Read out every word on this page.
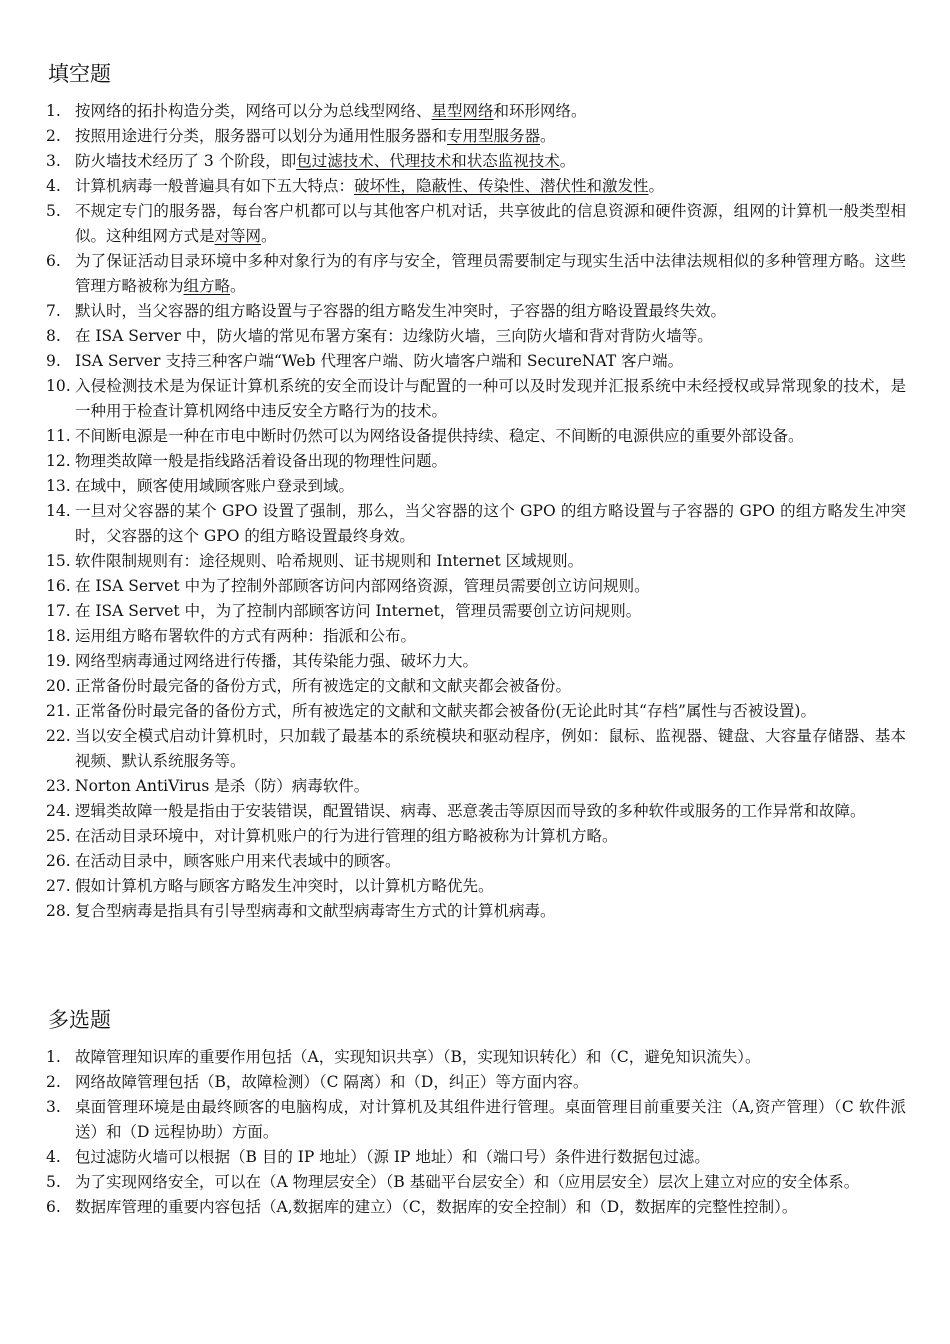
填空题
1. 按网络的拓扑构造分类，网络可以分为总线型网络、星型网络和环形网络。
2. 按照用途进行分类，服务器可以划分为通用性服务器和专用型服务器。
3. 防火墙技术经历了 3 个阶段，即包过滤技术、代理技术和状态监视技术。
4. 计算机病毒一般普遍具有如下五大特点：破坏性，隐蔽性、传染性、潜伏性和激发性。
5. 不规定专门的服务器，每台客户机都可以与其他客户机对话，共享彼此的信息资源和硬件资源，组网的计算机一般类型相似。这种组网方式是对等网。
6. 为了保证活动目录环境中多种对象行为的有序与安全，管理员需要制定与现实生活中法律法规相似的多种管理方略。这些管理方略被称为组方略。
7. 默认时，当父容器的组方略设置与子容器的组方略发生冲突时，子容器的组方略设置最终失效。
8. 在 ISA Server 中，防火墙的常见布署方案有：边缘防火墙，三向防火墙和背对背防火墙等。
9. ISA Server 支持三种客户端“Web 代理客户端、防火墙客户端和 SecureNAT 客户端。
10. 入侵检测技术是为保证计算机系统的安全而设计与配置的一种可以及时发现并汇报系统中未经授权或异常现象的技术，是一种用于检查计算机网络中违反安全方略行为的技术。
11. 不间断电源是一种在市电中断时仍然可以为网络设备提供持续、稳定、不间断的电源供应的重要外部设备。
12. 物理类故障一般是指线路活着设备出现的物理性问题。
13. 在域中，顾客使用域顾客账户登录到域。
14. 一旦对父容器的某个 GPO 设置了强制，那么，当父容器的这个 GPO 的组方略设置与子容器的 GPO 的组方略发生冲突时，父容器的这个 GPO 的组方略设置最终身效。
15. 软件限制规则有：途径规则、哈希规则、证书规则和 Internet 区域规则。
16. 在 ISA Servet 中为了控制外部顾客访问内部网络资源，管理员需要创立访问规则。
17. 在 ISA Servet 中，为了控制内部顾客访问 Internet，管理员需要创立访问规则。
18. 运用组方略布署软件的方式有两种：指派和公布。
19. 网络型病毒通过网络进行传播，其传染能力强、破坏力大。
20. 正常备份时最完备的备份方式，所有被选定的文献和文献夹都会被备份。
21. 正常备份时最完备的备份方式，所有被选定的文献和文献夹都会被备份(无论此时其“存档”属性与否被设置)。
22. 当以安全模式启动计算机时，只加载了最基本的系统模块和驱动程序，例如：鼠标、监视器、键盘、大容量存储器、基本视频、默认系统服务等。
23. Norton AntiVirus 是杀（防）病毒软件。
24. 逻辑类故障一般是指由于安装错误，配置错误、病毒、恶意袭击等原因而导致的多种软件或服务的工作异常和故障。
25. 在活动目录环境中，对计算机账户的行为进行管理的组方略被称为计算机方略。
26. 在活动目录中，顾客账户用来代表域中的顾客。
27. 假如计算机方略与顾客方略发生冲突时，以计算机方略优先。
28. 复合型病毒是指具有引导型病毒和文献型病毒寄生方式的计算机病毒。
多选题
1. 故障管理知识库的重要作用包括（A，实现知识共享）（B，实现知识转化）和（C，避免知识流失）。
2. 网络故障管理包括（B，故障检测）（C 隔离）和（D，纠正）等方面内容。
3. 桌面管理环境是由最终顾客的电脑构成，对计算机及其组件进行管理。桌面管理目前重要关注（A,资产管理）（C 软件派送）和（D 远程协助）方面。
4. 包过滤防火墙可以根据（B 目的 IP 地址）（源 IP 地址）和（端口号）条件进行数据包过滤。
5. 为了实现网络安全，可以在（A 物理层安全）（B 基础平台层安全）和（应用层安全）层次上建立对应的安全体系。
6. 数据库管理的重要内容包括（A,数据库的建立）（C，数据库的安全控制）和（D，数据库的完整性控制）。
